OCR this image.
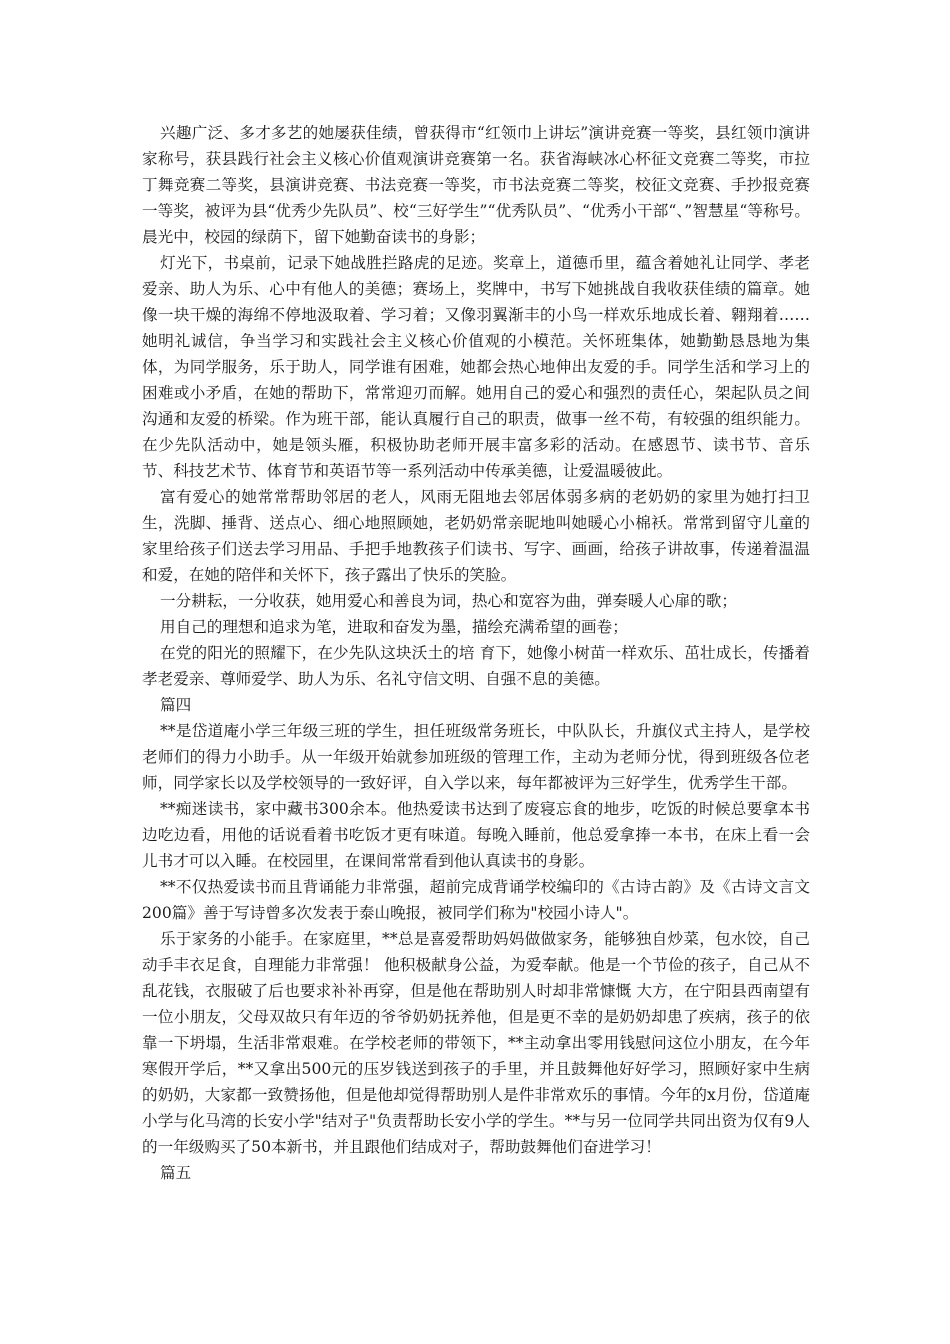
兴趣广泛、多才多艺的她屡获佳绩，曾获得市“红领巾上讲坛”演讲竞赛一等奖，县红领巾演讲家称号，获县践行社会主义核心价值观演讲竞赛第一名。获省海峡冰心杯征文竞赛二等奖，市拉丁舞竞赛二等奖，县演讲竞赛、书法竞赛一等奖，市书法竞赛二等奖，校征文竞赛、手抄报竞赛一等奖，被评为县“优秀少先队员”、校“三好学生”“优秀队员”、“优秀小干部“、”智慧星“等称号。晨光中，校园的绿荫下，留下她勤奋读书的身影；

灯光下，书桌前，记录下她战胜拦路虎的足迹。奖章上，道德币里，蕴含着她礼让同学、孝老爱亲、助人为乐、心中有他人的美德；赛场上，奖牌中，书写下她挑战自我收获佳绩的篇章。她像一块干燥的海绵不停地汲取着、学习着；又像羽翼渐丰的小鸟一样欢乐地成长着、翱翔着…… 她明礼诚信，争当学习和实践社会主义核心价值观的小模范。关怀班集体，她勤勤恳恳地为集体，为同学服务，乐于助人，同学谁有困难，她都会热心地伸出友爱的手。同学生活和学习上的困难或小矛盾，在她的帮助下，常常迎刃而解。她用自己的爱心和强烈的责任心，架起队员之间沟通和友爱的桥梁。作为班干部，能认真履行自己的职责，做事一丝不苟，有较强的组织能力。在少先队活动中，她是领头雁，积极协助老师开展丰富多彩的活动。在感恩节、读书节、音乐节、科技艺术节、体育节和英语节等一系列活动中传承美德，让爱温暖彼此。

富有爱心的她常常帮助邻居的老人，风雨无阻地去邻居体弱多病的老奶奶的家里为她打扫卫生，洗脚、捶背、送点心、细心地照顾她，老奶奶常亲昵地叫她暖心小棉袄。常常到留守儿童的家里给孩子们送去学习用品、手把手地教孩子们读书、写字、画画，给孩子讲故事，传递着温温和爱，在她的陪伴和关怀下，孩子露出了快乐的笑脸。

一分耕耘，一分收获，她用爱心和善良为词，热心和宽容为曲，弹奏暖人心扉的歌；

用自己的理想和追求为笔，进取和奋发为墨，描绘充满希望的画卷；

在党的阳光的照耀下，在少先队这块沃土的培 育下，她像小树苗一样欢乐、茁壮成长，传播着孝老爱亲、尊师爱学、助人为乐、名礼守信文明、自强不息的美德。

篇四

**是岱道庵小学三年级三班的学生，担任班级常务班长，中队队长，升旗仪式主持人，是学校老师们的得力小助手。从一年级开始就参加班级的管理工作，主动为老师分忧，得到班级各位老师，同学家长以及学校领导的一致好评，自入学以来，每年都被评为三好学生，优秀学生干部。

**痴迷读书，家中藏书300余本。他热爱读书达到了废寝忘食的地步，吃饭的时候总要拿本书边吃边看，用他的话说看着书吃饭才更有味道。每晚入睡前，他总爱拿捧一本书，在床上看一会儿书才可以入睡。在校园里，在课间常常看到他认真读书的身影。

**不仅热爱读书而且背诵能力非常强，超前完成背诵学校编印的《古诗古韵》及《古诗文言文200篇》善于写诗曾多次发表于泰山晚报，被同学们称为"校园小诗人"。

乐于家务的小能手。在家庭里，**总是喜爱帮助妈妈做做家务，能够独自炒菜，包水饺，自己动手丰衣足食，自理能力非常强！ 他积极献身公益，为爱奉献。他是一个节俭的孩子，自己从不乱花钱，衣服破了后也要求补补再穿，但是他在帮助别人时却非常慷慨 大方，在宁阳县西南望有一位小朋友，父母双故只有年迈的爷爷奶奶抚养他，但是更不幸的是奶奶却患了疾病，孩子的依靠一下坍塌，生活非常艰难。在学校老师的带领下，**主动拿出零用钱慰问这位小朋友，在今年寒假开学后，**又拿出500元的压岁钱送到孩子的手里，并且鼓舞他好好学习，照顾好家中生病的奶奶，大家都一致赞扬他，但是他却觉得帮助别人是件非常欢乐的事情。今年的x月份，岱道庵小学与化马湾的长安小学"结对子"负责帮助长安小学的学生。**与另一位同学共同出资为仅有9人的一年级购买了50本新书，并且跟他们结成对子，帮助鼓舞他们奋进学习！

篇五
